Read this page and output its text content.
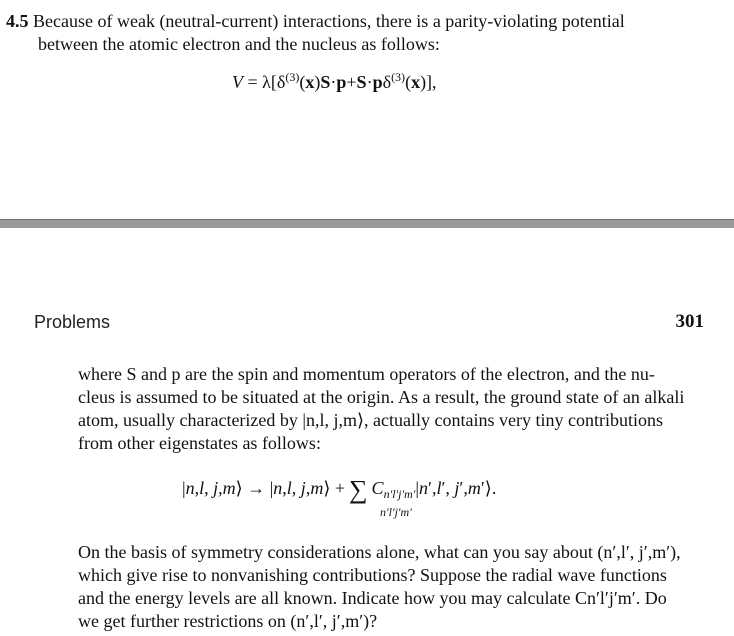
4.5 Because of weak (neutral-current) interactions, there is a parity-violating potential
between the atomic electron and the nucleus as follows:
$V = \lambda[\delta^{(3)}(x)S\cdot p+S\cdot p\delta^{(3)}(x)]$,
Problems	301
where S and p are the spin and momentum operators of the electron, and the nu-
cleus is assumed to be situated at the origin. As a result, the ground state of an alkali
atom, usually characterized by |n,l, j,m⟩, actually contains very tiny contributions
from other eigenstates as follows:
|n,l, j,m⟩ → |n,l, j,m⟩ + ∑ $C_{n'l'j'm'}|n',l'$, j′,m′⟩.
n′l′j′m′
On the basis of symmetry considerations alone, what can you say about (n′,l′, j′,m′),
which give rise to nonvanishing contributions? Suppose the radial wave functions
and the energy levels are all known. Indicate how you may calculate Cn′l′j′m′. Do
we get further restrictions on (n′,l′, j′,m′)?
